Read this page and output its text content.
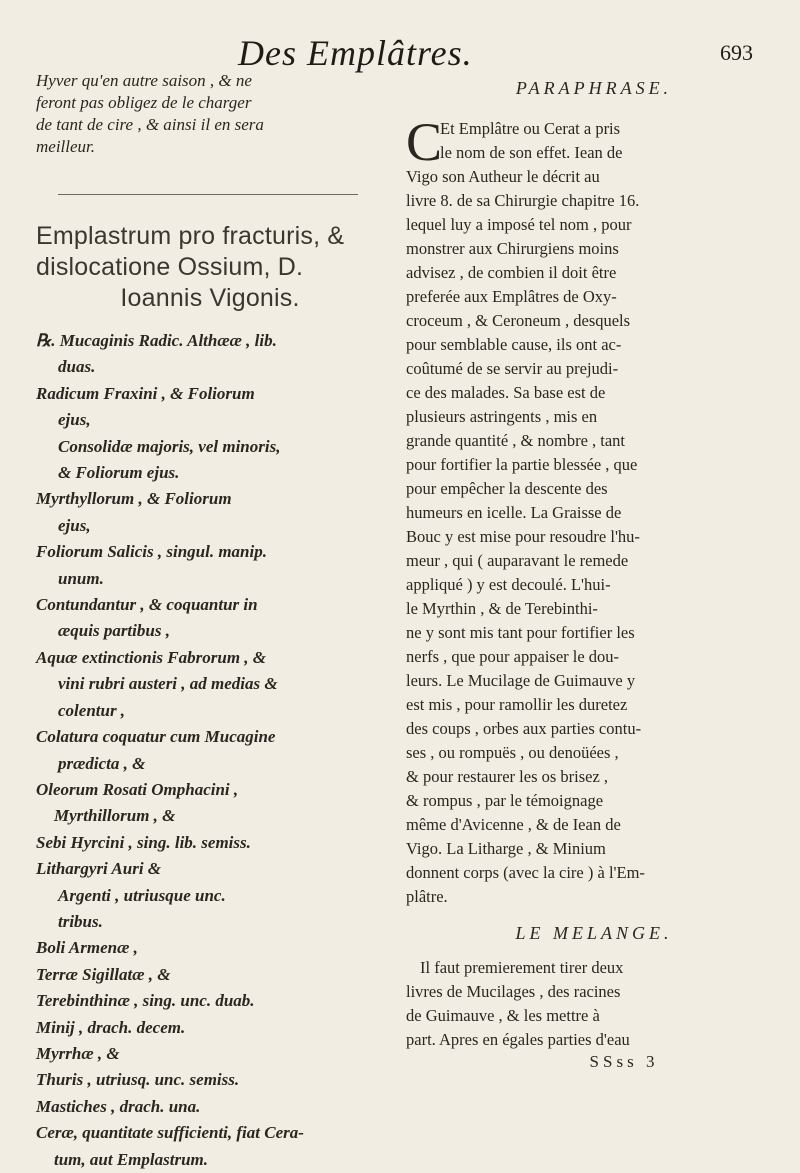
Des Emplâtres.	693

Hyver qu'en autre saison , & ne
feront pas obligez de le charger
de tant de cire , & ainsi il en sera
meilleur.

Emplastrum pro fracturis, &
dislocatione Ossium, D.
Ioannis Vigonis.
℞. Mucaginis Radic. Althææ , lib.
duas.
Radicum Fraxini , & Foliorum
ejus,
Consolidæ majoris, vel minoris,
& Foliorum ejus.
Myrthyllorum , & Foliorum
ejus,
Foliorum Salicis , singul. manip.
unum.
Contundantur , & coquantur in
æquis partibus ,
Aquæ extinctionis Fabrorum , &
vini rubri austeri , ad medias &
colentur ,
Colatura coquatur cum Mucagine
prædicta , &
Oleorum Rosati Omphacini ,
Myrthillorum , &
Sebi Hyrcini , sing. lib. semiss.
Lithargyri Auri &
Argenti , utriusque unc.
tribus.
Boli Armenæ ,
Terræ Sigillatæ , &
Terebinthinæ , sing. unc. duab.
Minij , drach. decem.
Myrrhæ , &
Thuris , utriusq. unc. semiss.
Mastiches , drach. una.
Ceræ, quantitate sufficienti, fiat Cera-
tum, aut Emplastrum.

PARAPHRASE.

C
Et Emplâtre ou Cerat a pris
le nom de son effet. Iean de
Vigo son Autheur le décrit au
livre 8. de sa Chirurgie chapitre 16.
lequel luy a imposé tel nom , pour
monstrer aux Chirurgiens moins
advisez , de combien il doit être
preferée aux Emplâtres de Oxy-
croceum , & Ceroneum , desquels
pour semblable cause, ils ont ac-
coûtumé de se servir au prejudi-
ce des malades. Sa base est de
plusieurs astringents , mis en
grande quantité , & nombre , tant
pour fortifier la partie blessée , que
pour empêcher la descente des
humeurs en icelle. La Graisse de
Bouc y est mise pour resoudre l'hu-
meur , qui ( auparavant le remede
appliqué ) y est decoulé. L'hui-
le Myrthin , & de Terebinthi-
ne y sont mis tant pour fortifier les
nerfs , que pour appaiser le dou-
leurs. Le Mucilage de Guimauve y
est mis , pour ramollir les duretez
des coups , orbes aux parties contu-
ses , ou rompuës , ou denoüées ,
& pour restaurer les os brisez ,
& rompus , par le témoignage
même d'Avicenne , & de Iean de
Vigo. La Litharge , & Minium
donnent corps (avec la cire ) à l'Em-
plâtre.

LE MELANGE.

Il faut premierement tirer deux
livres de Mucilages , des racines
de Guimauve , & les mettre à
part. Apres en égales parties d'eau
SSss 3
